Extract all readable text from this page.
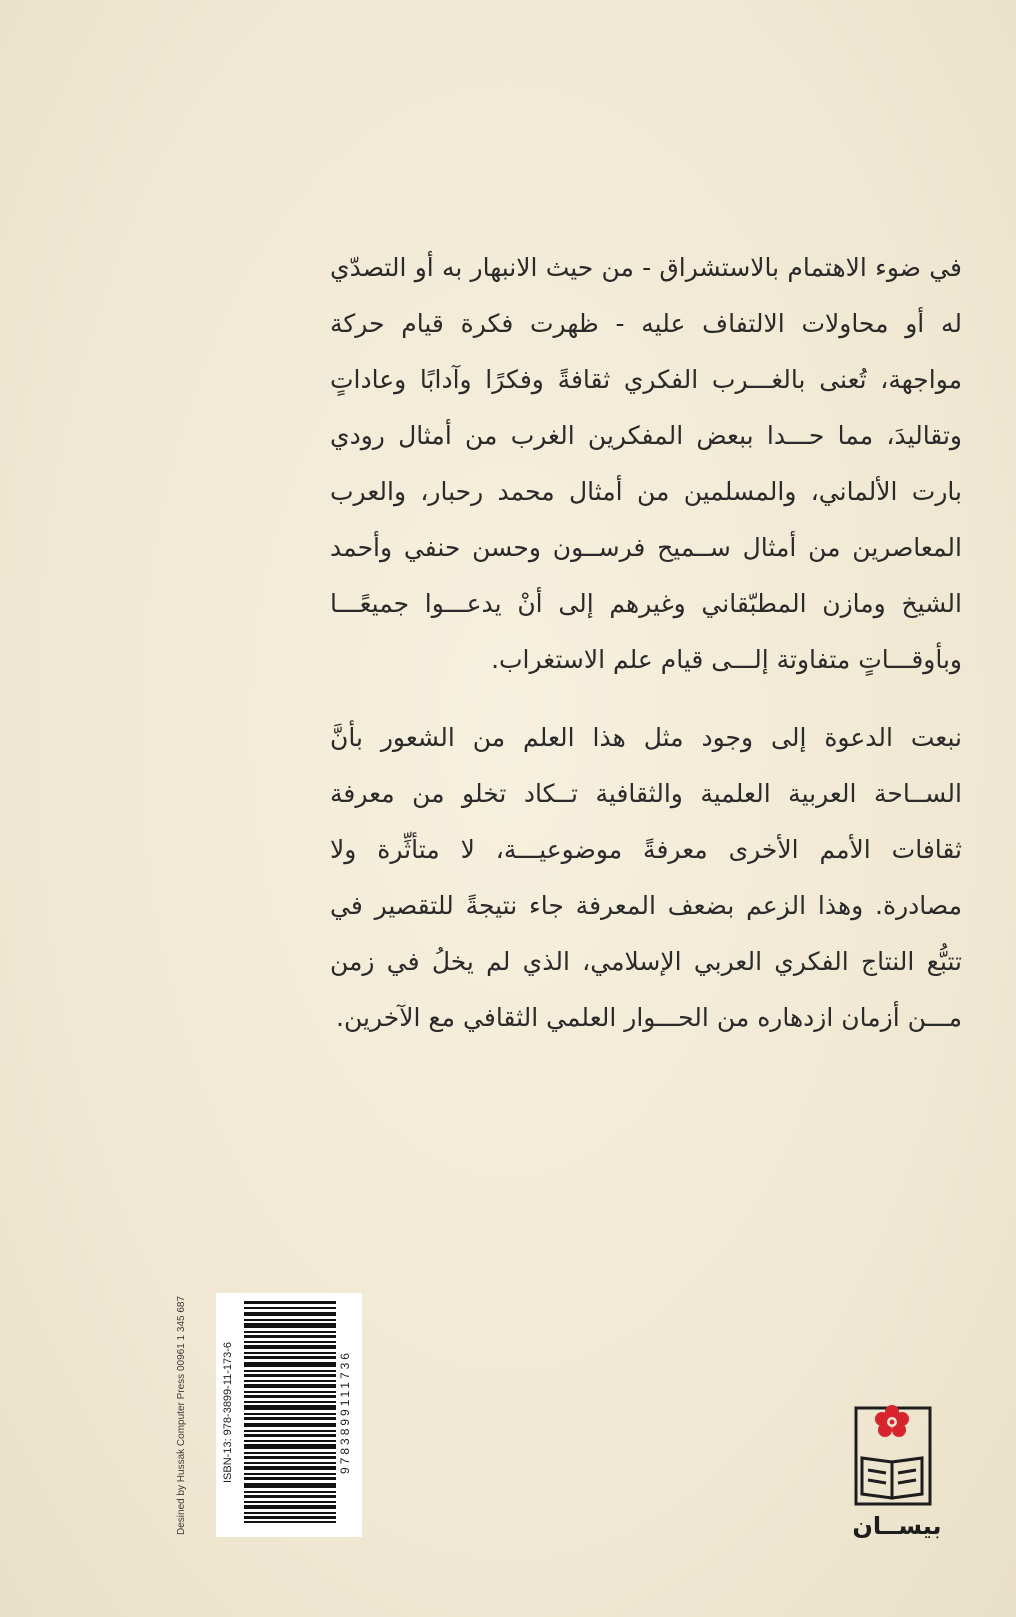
في ضوء الاهتمام بالاستشراق - من حيث الانبهار به أو التصدّي له أو محاولات الالتفاف عليه - ظهرت فكرة قيام حركة مواجهة، تُعنى بالغـــرب الفكري ثقافةً وفكرًا وآدابًا وعاداتٍ وتقاليدَ، مما حـــدا ببعض المفكرين الغرب من أمثال رودي بارت الألماني، والمسلمين من أمثال محمد رحبار، والعرب المعاصرين من أمثال ســميح فرســون وحسن حنفي وأحمد الشيخ ومازن المطبّقاني وغيرهم إلى أنْ يدعـــوا جميعًـــا وبأوقـــاتٍ متفاوتة إلـــى قيام علم الاستغراب.

نبعت الدعوة إلى وجود مثل هذا العلم من الشعور بأنَّ الســاحة العربية العلمية والثقافية تــكاد تخلو من معرفة ثقافات الأمم الأخرى معرفةً موضوعيـــة، لا متأثِّرة ولا مصادرة. وهذا الزعم بضعف المعرفة جاء نتيجةً للتقصير في تتبُّع النتاج الفكري العربي الإسلامي، الذي لم يخلُ في زمن مـــن أزمان ازدهاره من الحـــوار العلمي الثقافي مع الآخرين.

Desined by Hussak Computer Press 00961 1 345 687	ISBN-13: 978-3899-11-173-6	9783899111736
بيســان
